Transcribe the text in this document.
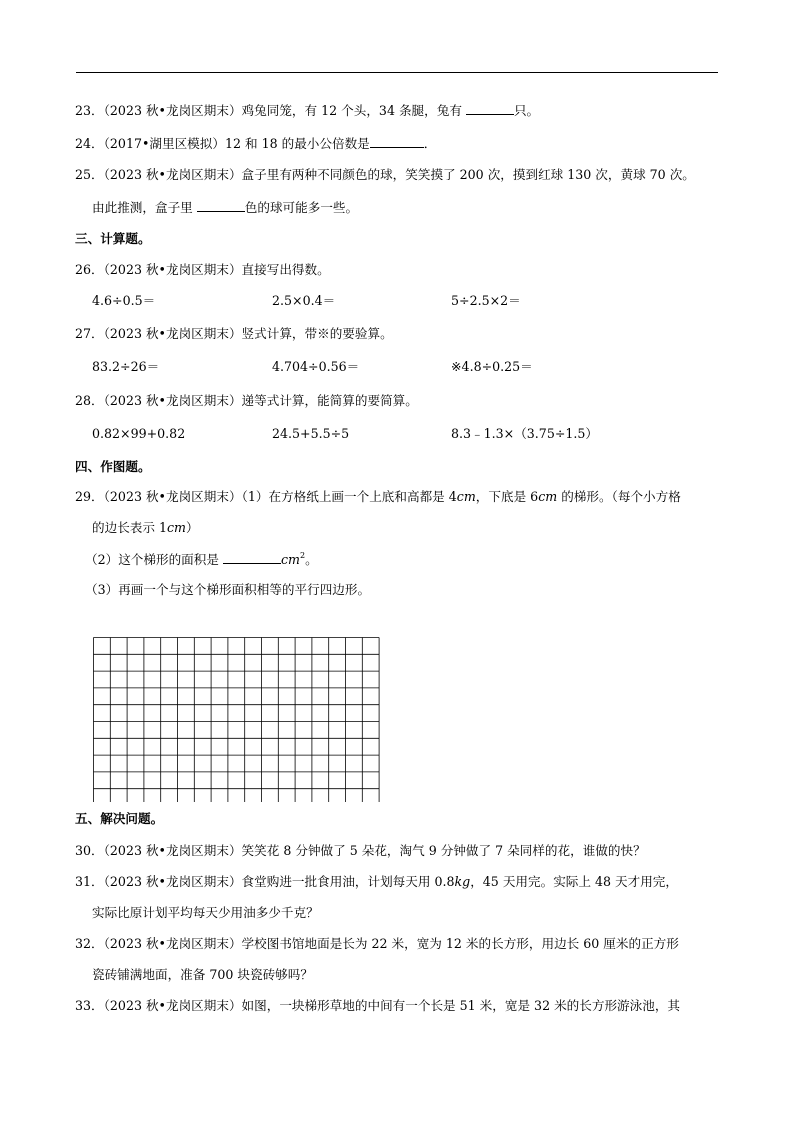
23．（2023 秋•龙岗区期末）鸡兔同笼，有 12 个头，34 条腿，兔有	只。
24．（2017•湖里区模拟）12 和 18 的最小公倍数是	．
25．（2023 秋•龙岗区期末）盒子里有两种不同颜色的球，笑笑摸了 200 次，摸到红球 130 次，黄球 70 次。
由此推测，盒子里	色的球可能多一些。
三、计算题。
26．（2023 秋•龙岗区期末）直接写出得数。
4.6÷0.5＝	2.5×0.4＝	5÷2.5×2＝
27．（2023 秋•龙岗区期末）竖式计算，带※的要验算。
83.2÷26＝	4.704÷0.56＝	※4.8÷0.25＝
28．（2023 秋•龙岗区期末）递等式计算，能简算的要简算。
0.82×99+0.82	24.5+5.5÷5	8.3﹣1.3×（3.75÷1.5）
四、作图题。
29．（2023 秋•龙岗区期末）（1）在方格纸上画一个上底和高都是 4cm，下底是 6cm 的梯形。（每个小方格
的边长表示 1cm）
（2）这个梯形的面积是	$cm^2$。
（3）再画一个与这个梯形面积相等的平行四边形。
五、解决问题。
30．（2023 秋•龙岗区期末）笑笑花 8 分钟做了 5 朵花，淘气 9 分钟做了 7 朵同样的花，谁做的快？
31．（2023 秋•龙岗区期末）食堂购进一批食用油，计划每天用 0.8kg，45 天用完。实际上 48 天才用完，
实际比原计划平均每天少用油多少千克？
32．（2023 秋•龙岗区期末）学校图书馆地面是长为 22 米，宽为 12 米的长方形，用边长 60 厘米的正方形
瓷砖铺满地面，准备 700 块瓷砖够吗？
33．（2023 秋•龙岗区期末）如图，一块梯形草地的中间有一个长是 51 米，宽是 32 米的长方形游泳池，其
